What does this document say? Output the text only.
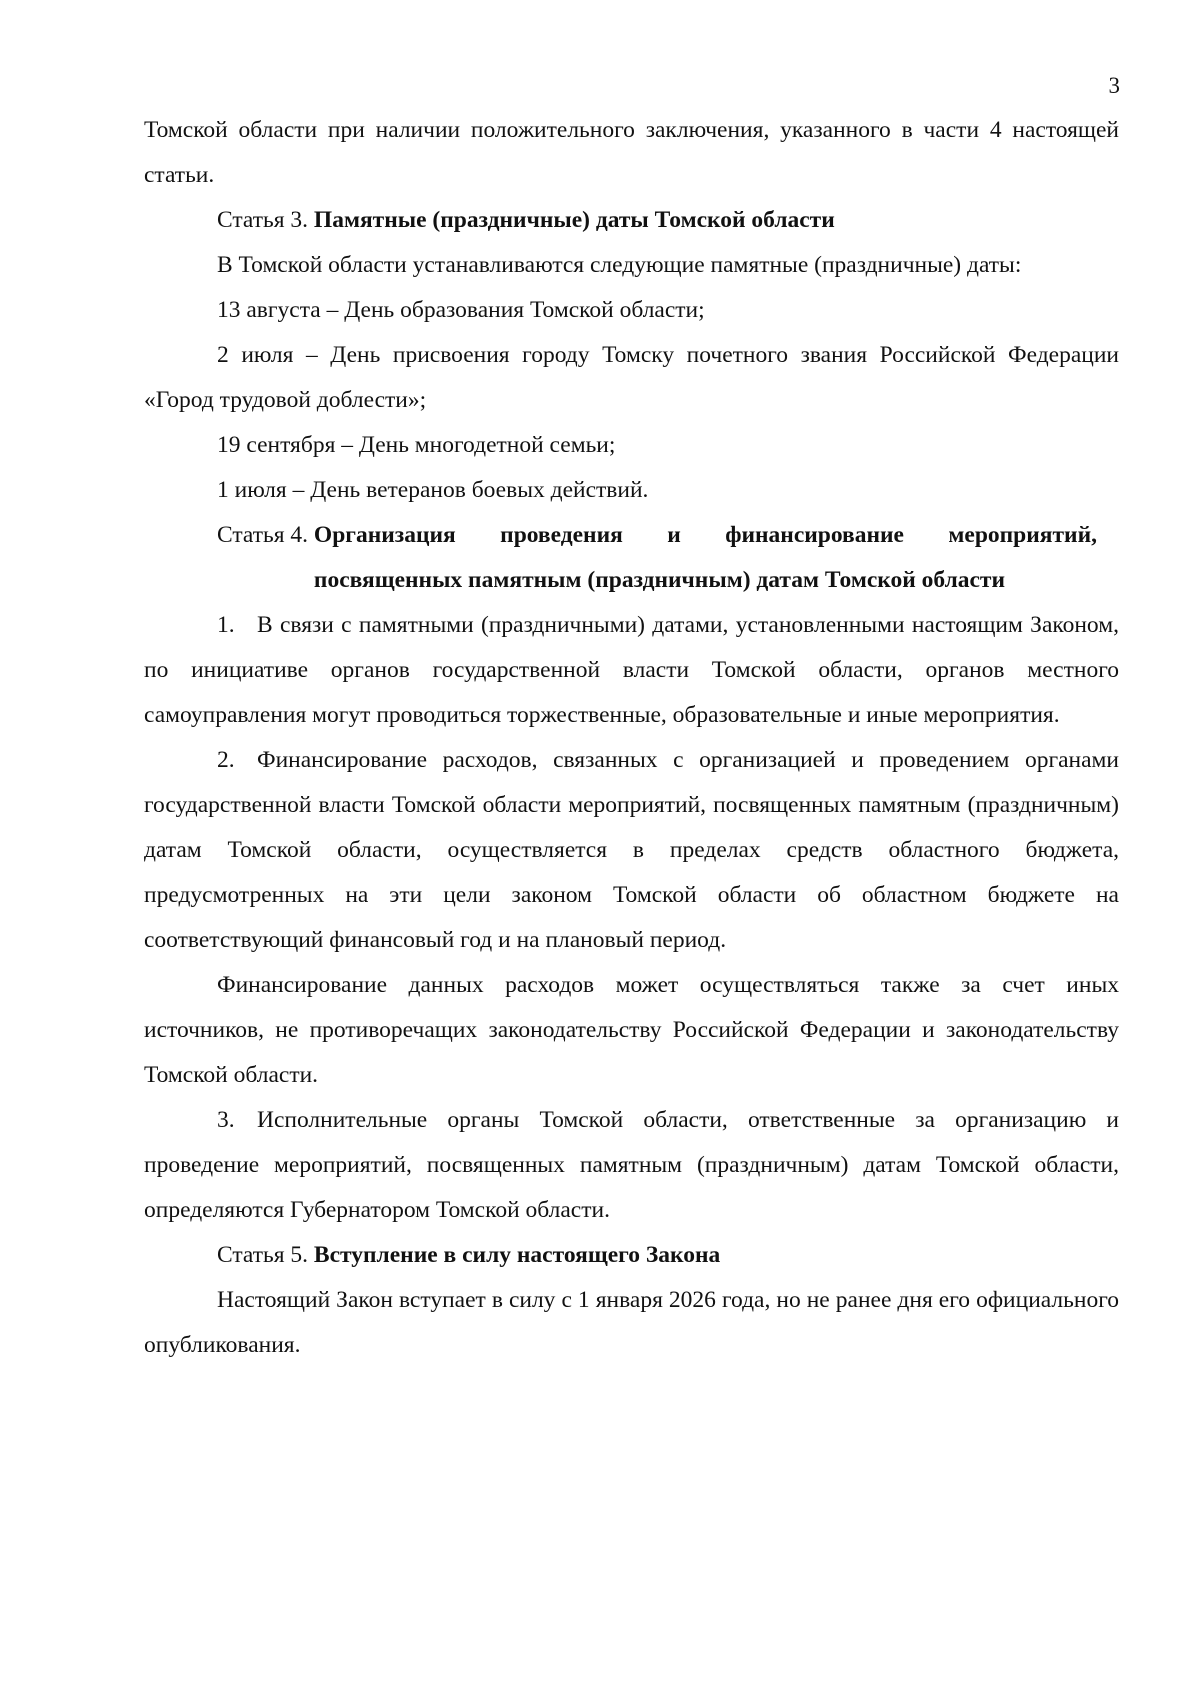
3

Томской области при наличии положительного заключения, указанного в части 4 настоящей статьи.

Статья 3. Памятные (праздничные) даты Томской области

В Томской области устанавливаются следующие памятные (праздничные) даты:

13 августа – День образования Томской области;

2 июля – День присвоения городу Томску почетного звания Российской Федерации «Город трудовой доблести»;

19 сентября – День многодетной семьи;

1 июля – День ветеранов боевых действий.

Статья 4. Организация проведения и финансирование мероприятий, посвященных памятным (праздничным) датам Томской области

1. В связи с памятными (праздничными) датами, установленными настоящим Законом, по инициативе органов государственной власти Томской области, органов местного самоуправления могут проводиться торжественные, образовательные и иные мероприятия.

2. Финансирование расходов, связанных с организацией и проведением органами государственной власти Томской области мероприятий, посвященных памятным (праздничным) датам Томской области, осуществляется в пределах средств областного бюджета, предусмотренных на эти цели законом Томской области об областном бюджете на соответствующий финансовый год и на плановый период.

Финансирование данных расходов может осуществляться также за счет иных источников, не противоречащих законодательству Российской Федерации и законодательству Томской области.

3. Исполнительные органы Томской области, ответственные за организацию и проведение мероприятий, посвященных памятным (праздничным) датам Томской области, определяются Губернатором Томской области.

Статья 5. Вступление в силу настоящего Закона

Настоящий Закон вступает в силу с 1 января 2026 года, но не ранее дня его официального опубликования.
